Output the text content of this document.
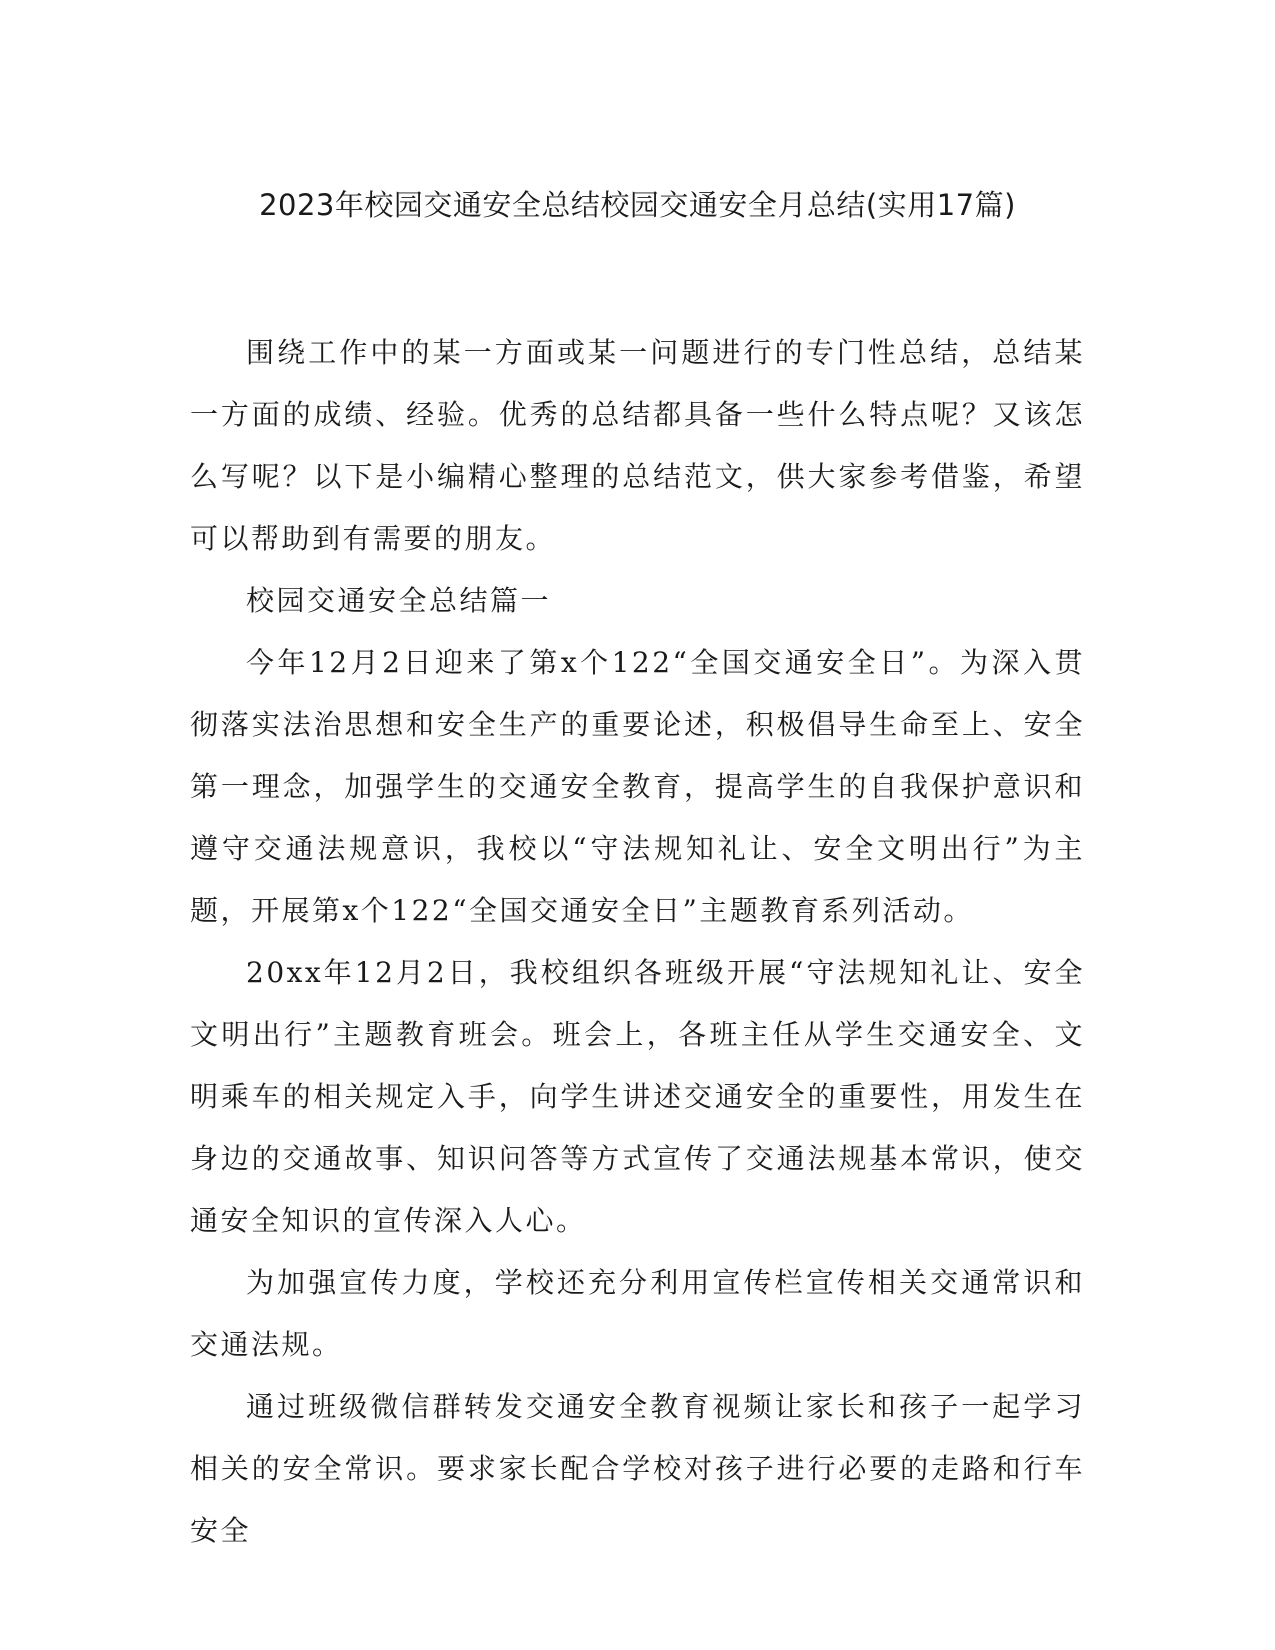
2023年校园交通安全总结校园交通安全月总结(实用17篇)

围绕工作中的某一方面或某一问题进行的专门性总结，总结某一方面的成绩、经验。优秀的总结都具备一些什么特点呢？又该怎么写呢？以下是小编精心整理的总结范文，供大家参考借鉴，希望可以帮助到有需要的朋友。

校园交通安全总结篇一

今年12月2日迎来了第x个122“全国交通安全日”。为深入贯彻落实法治思想和安全生产的重要论述，积极倡导生命至上、安全第一理念，加强学生的交通安全教育，提高学生的自我保护意识和遵守交通法规意识，我校以“守法规知礼让、安全文明出行”为主题，开展第x个122“全国交通安全日”主题教育系列活动。

20xx年12月2日，我校组织各班级开展“守法规知礼让、安全文明出行”主题教育班会。班会上，各班主任从学生交通安全、文明乘车的相关规定入手，向学生讲述交通安全的重要性，用发生在身边的交通故事、知识问答等方式宣传了交通法规基本常识，使交通安全知识的宣传深入人心。

为加强宣传力度，学校还充分利用宣传栏宣传相关交通常识和交通法规。

通过班级微信群转发交通安全教育视频让家长和孩子一起学习相关的安全常识。要求家长配合学校对孩子进行必要的走路和行车安全
